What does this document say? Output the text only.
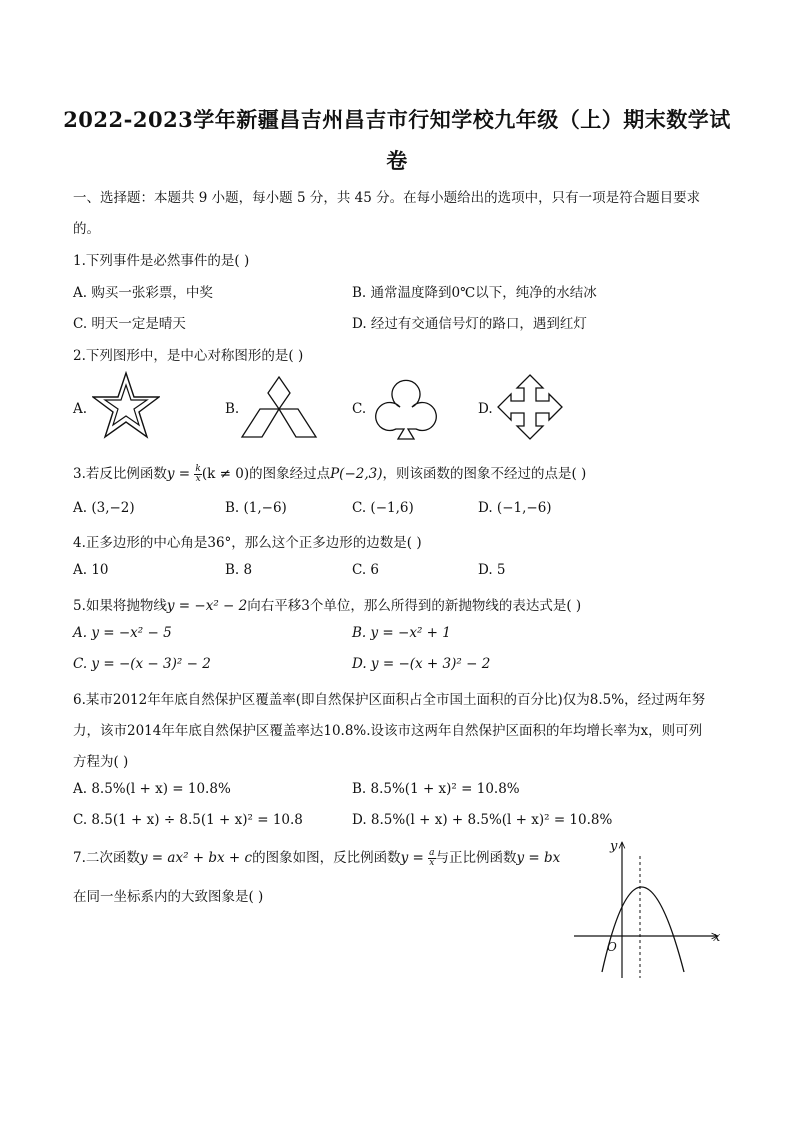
2022-2023学年新疆昌吉州昌吉市行知学校九年级（上）期末数学试
卷
一、选择题：本题共 9 小题，每小题 5 分，共 45 分。在每小题给出的选项中，只有一项是符合题目要求
的。
1.下列事件是必然事件的是( )
A. 购买一张彩票，中奖	B. 通常温度降到0℃以下，纯净的水结冰
C. 明天一定是晴天	D. 经过有交通信号灯的路口，遇到红灯
2.下列图形中，是中心对称图形的是( )
A.	B.	C.	D.
3.若反比例函数$y = \frac{k}{x} (k \ne 0)$的图象经过点P(−2,3)，则该函数的图象不经过的点是( )
A. (3,−2)	B. (1,−6)	C. (−1,6)	D. (−1,−6)
4.正多边形的中心角是36°，那么这个正多边形的边数是( )
A. 10	B. 8	C. 6	D. 5
5.如果将抛物线y = −x² − 2向右平移3个单位，那么所得到的新抛物线的表达式是( )
A. y = −x² − 5	B. y = −x² + 1
C. y = −(x − 3)² − 2	D. y = −(x + 3)² − 2
6.某市2012年年底自然保护区覆盖率(即自然保护区面积占全市国土面积的百分比)仅为8.5%，经过两年努
力，该市2014年年底自然保护区覆盖率达10.8%.设该市这两年自然保护区面积的年均增长率为x，则可列
方程为( )
A. 8.5%(l + x) = 10.8%	B. 8.5%(1 + x)² = 10.8%
C. 8.5(1 + x) ÷ 8.5(1 + x)² = 10.8	D. 8.5%(l + x) + 8.5%(l + x)² = 10.8%
7.二次函数y = ax² + bx + c的图象如图，反比例函数$y = \frac{a}{x}$ 与正比例函数y = bx
在同一坐标系内的大致图象是( )
x
y
O
